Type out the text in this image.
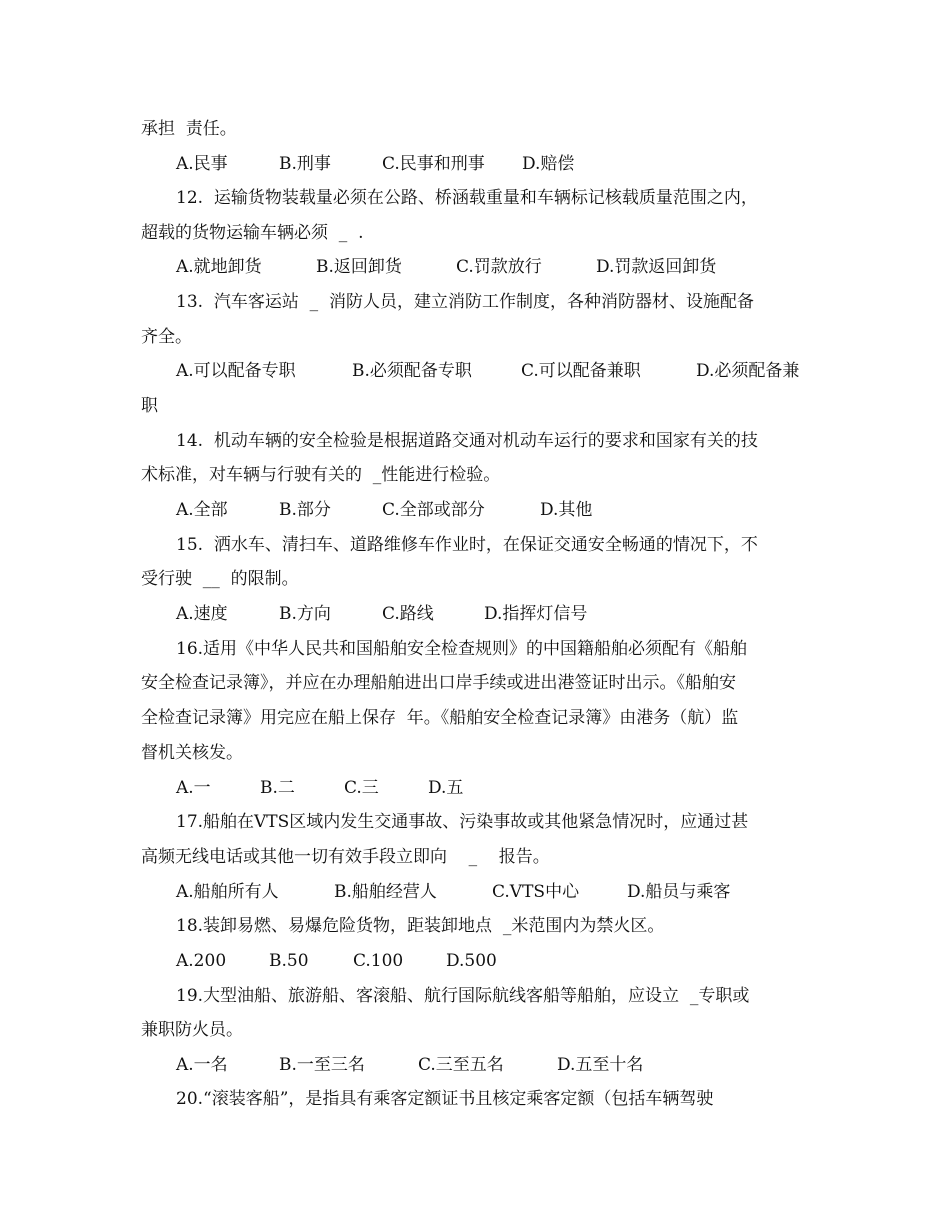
承担  责任。

A.民事

	B.刑事

	C.民事和刑事

D.赔偿

12.  运输货物装载量必须在公路、桥涵载重量和车辆标记核载质量范围之内，
超载的货物运输车辆必须  _  .

A.就地卸货

	B.返回卸货

	C.罚款放行

	D.罚款返回卸货

13.  汽车客运站  _  消防人员，建立消防工作制度，各种消防器材、设施配备
齐全。

A.可以配备专职

	B.必须配备专职

	C.可以配备兼职

	D.必须配备兼

职
14.  机动车辆的安全检验是根据道路交通对机动车运行的要求和国家有关的技
术标准，对车辆与行驶有关的  _性能进行检验。

A.全部

	B.部分

	C.全部或部分

	D.其他

15.  洒水车、清扫车、道路维修车作业时，在保证交通安全畅通的情况下，不
受行驶  __  的限制。

A.速度

	B.方向

	C.路线

	D.指挥灯信号

16.适用《中华人民共和国船舶安全检查规则》的中国籍船舶必须配有《船舶
安全检查记录簿》，并应在办理船舶进出口岸手续或进出港签证时出示。《船舶安
全检查记录簿》用完应在船上保存  年。《船舶安全检查记录簿》由港务（航）监
督机关核发。

A.一

	B.二

	C.三

	D.五

17.船舶在VTS区域内发生交通事故、污染事故或其他紧急情况时，应通过甚
高频无线电话或其他一切有效手段立即向    _    报告。

A.船舶所有人

	B.船舶经营人

	C.VTS中心

	D.船员与乘客

18.装卸易燃、易爆危险货物，距装卸地点  _米范围内为禁火区。

A.200

	B.50

	C.100

	D.500

19.大型油船、旅游船、客滚船、航行国际航线客船等船舶，应设立  _专职或
兼职防火员。

A.一名

	B.一至三名

	C.三至五名

	D.五至十名

20.“滚装客船”，是指具有乘客定额证书且核定乘客定额（包括车辆驾驶
